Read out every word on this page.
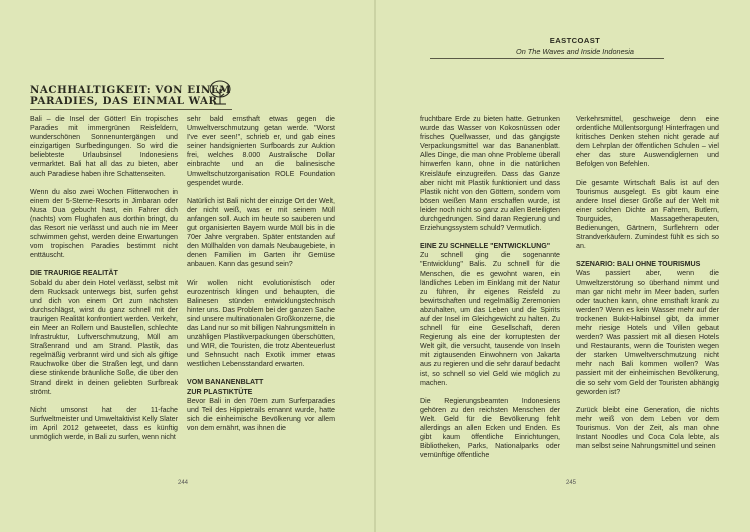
EASTCOAST
On The Waves and Inside Indonesia
NACHHALTIGKEIT: VON EINEM
PARADIES, DAS EINMAL WAR

Bali – die Insel der Götter! Ein tropisches Paradies mit immergrünen Reisfeldern, wunderschönen Sonnenuntergängen und einzigartigen Surfbedingungen. So wird die beliebteste Urlaubsinsel Indonesiens vermarktet. Bali hat all das zu bieten, aber auch Paradiese haben ihre Schattenseiten.

Wenn du also zwei Wochen Flitterwochen in einem der 5-Sterne-Resorts in Jimbaran oder Nusa Dua gebucht hast, ein Fahrer dich (nachts) vom Flughafen aus dorthin bringt, du das Resort nie verlässt und auch nie im Meer schwimmen gehst, werden deine Erwartungen vom tropischen Paradies bestimmt nicht enttäuscht.

DIE TRAURIGE REALITÄT

Sobald du aber dein Hotel verlässt, selbst mit dem Rucksack unterwegs bist, surfen gehst und dich von einem Ort zum nächsten durchschlägst, wirst du ganz schnell mit der traurigen Realität konfrontiert werden. Verkehr, ein Meer an Rollern und Baustellen, schlechte Infrastruktur, Luftverschmutzung, Müll am Straßenrand und am Strand. Plastik, das regelmäßig verbrannt wird und sich als giftige Rauchwolke über die Straßen legt, und dann diese stinkende bräunliche Soße, die über den Strand direkt in deinen geliebten Surfbreak strömt.

Nicht umsonst hat der 11-fache Surfweltmeister und Umweltaktivist Kelly Slater im April 2012 getweetet, dass es künftig unmöglich werde, in Bali zu surfen, wenn nicht

sehr bald ernsthaft etwas gegen die Umweltverschmutzung getan werde. "Worst I've ever seen!", schrieb er, und gab eines seiner handsignierten Surfboards zur Auktion frei, welches 8.000 Australische Dollar einbrachte und an die balinesische Umweltschutzorganisation ROLE Foundation gespendet wurde.

Natürlich ist Bali nicht der einzige Ort der Welt, der nicht weiß, was er mit seinem Müll anfangen soll. Auch im heute so sauberen und gut organisierten Bayern wurde Müll bis in die 70er Jahre vergraben. Später entstanden auf den Müllhalden von damals Neubaugebiete, in denen Familien im Garten ihr Gemüse anbauen. Kann das gesund sein?

Wir wollen nicht evolutionistisch oder eurozentrisch klingen und behaupten, die Balinesen stünden entwicklungstechnisch hinter uns. Das Problem bei der ganzen Sache sind unsere multinationalen Großkonzerne, die das Land nur so mit billigen Nahrungsmitteln in unzähligen Plastikverpackungen überschütten, und WIR, die Touristen, die trotz Abenteuerlust und Sehnsucht nach Exotik immer etwas westlichen Lebensstandard erwarten.

VOM BANANENBLATT
ZUR PLASTIKTÜTE

Bevor Bali in den 70ern zum Surferparadies und Teil des Hippietrails ernannt wurde, hatte sich die einheimische Bevölkerung vor allem von dem ernährt, was ihnen die

fruchtbare Erde zu bieten hatte. Getrunken wurde das Wasser von Kokosnüssen oder frisches Quellwasser, und das gängigste Verpackungsmittel war das Bananenblatt. Alles Dinge, die man ohne Probleme überall hinwerfen kann, ohne in die natürlichen Kreisläufe einzugreifen. Dass das Ganze aber nicht mit Plastik funktioniert und dass Plastik nicht von den Göttern, sondern vom bösen weißen Mann erschaffen wurde, ist leider noch nicht so ganz zu allen Beteiligten durchgedrungen. Sind daran Regierung und Erziehungssystem schuld? Vermutlich.

EINE ZU SCHNELLE "ENTWICKLUNG"

Zu schnell ging die sogenannte "Entwicklung" Balis. Zu schnell für die Menschen, die es gewohnt waren, ein ländliches Leben im Einklang mit der Natur zu führen, ihr eigenes Reisfeld zu bewirtschaften und regelmäßig Zeremonien abzuhalten, um das Leben und die Spirits auf der Insel im Gleichgewicht zu halten. Zu schnell für eine Gesellschaft, deren Regierung als eine der korruptesten der Welt gilt, die versucht, tausende von Inseln mit zigtausenden Einwohnern von Jakarta aus zu regieren und die sehr darauf bedacht ist, so schnell so viel Geld wie möglich zu machen.

Die Regierungsbeamten Indonesiens gehören zu den reichsten Menschen der Welt. Geld für die Bevölkerung fehlt allerdings an allen Ecken und Enden. Es gibt kaum öffentliche Einrichtungen, Bibliotheken, Parks, Nationalparks oder vernünftige öffentliche

Verkehrsmittel, geschweige denn eine ordentliche Müllentsorgung! Hinterfragen und kritisches Denken stehen nicht gerade auf dem Lehrplan der öffentlichen Schulen – viel eher das sture Auswendiglernen und Befolgen von Befehlen.

Die gesamte Wirtschaft Balis ist auf den Tourismus ausgelegt. Es gibt kaum eine andere Insel dieser Größe auf der Welt mit einer solchen Dichte an Fahrern, Butlern, Tourguides, Massagetherapeuten, Bedienungen, Gärtnern, Surflehrern oder Strandverkäufern. Zumindest fühlt es sich so an.

SZENARIO: BALI OHNE TOURISMUS

Was passiert aber, wenn die Umweltzerstörung so überhand nimmt und man gar nicht mehr im Meer baden, surfen oder tauchen kann, ohne ernsthaft krank zu werden? Wenn es kein Wasser mehr auf der trockenen Bukit-Halbinsel gibt, da immer mehr riesige Hotels und Villen gebaut werden? Was passiert mit all diesen Hotels und Restaurants, wenn die Touristen wegen der starken Umweltverschmutzung nicht mehr nach Bali kommen wollen? Was passiert mit der einheimischen Bevölkerung, die so sehr vom Geld der Touristen abhängig geworden ist?

Zurück bleibt eine Generation, die nichts mehr weiß von dem Leben vor dem Tourismus. Von der Zeit, als man ohne Instant Noodles und Coca Cola lebte, als man selbst seine Nahrungsmittel und seinen

244	245
